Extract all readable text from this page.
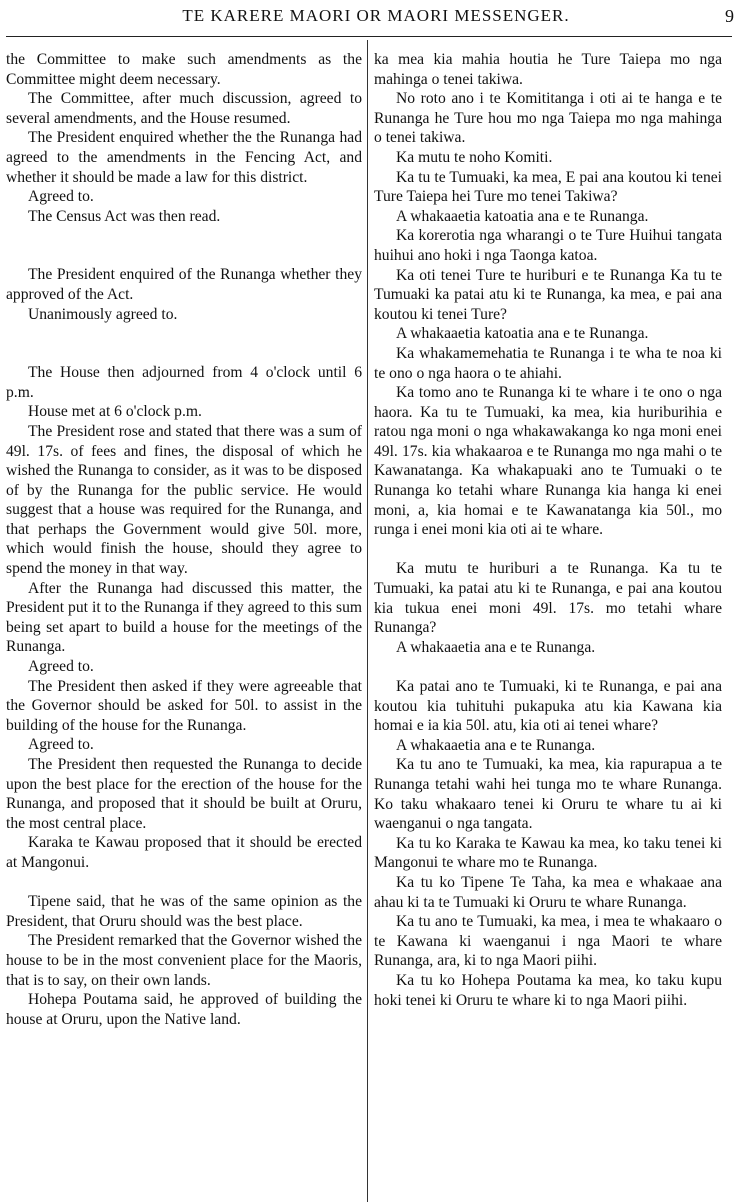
TE KARERE MAORI OR MAORI MESSENGER.	9

the Committee to make such amendments as the Committee might deem necessary.

The Committee, after much discussion, agreed to several amendments, and the House resumed.

The President enquired whether the the Runanga had agreed to the amendments in the Fencing Act, and whether it should be made a law for this district.

Agreed to.

The Census Act was then read.

The President enquired of the Runanga whether they approved of the Act.

Unanimously agreed to.

The House then adjourned from 4 o'clock until 6 p.m.

House met at 6 o'clock p.m.

The President rose and stated that there was a sum of 49l. 17s. of fees and fines, the disposal of which he wished the Runanga to consider, as it was to be disposed of by the Runanga for the public service. He would suggest that a house was required for the Runanga, and that perhaps the Government would give 50l. more, which would finish the house, should they agree to spend the money in that way.

After the Runanga had discussed this matter, the President put it to the Runanga if they agreed to this sum being set apart to build a house for the meetings of the Runanga.

Agreed to.

The President then asked if they were agreeable that the Governor should be asked for 50l. to assist in the building of the house for the Runanga.

Agreed to.

The President then requested the Runanga to decide upon the best place for the erection of the house for the Runanga, and proposed that it should be built at Oruru, the most central place.

Karaka te Kawau proposed that it should be erected at Mangonui.

Tipene said, that he was of the same opinion as the President, that Oruru should was the best place.

The President remarked that the Governor wished the house to be in the most convenient place for the Maoris, that is to say, on their own lands.

Hohepa Poutama said, he approved of building the house at Oruru, upon the Native land.

ka mea kia mahia houtia he Ture Taiepa mo nga mahinga o tenei takiwa.

No roto ano i te Komititanga i oti ai te hanga e te Runanga he Ture hou mo nga Taiepa mo nga mahinga o tenei takiwa.

Ka mutu te noho Komiti.

Ka tu te Tumuaki, ka mea, E pai ana koutou ki tenei Ture Taiepa hei Ture mo tenei Takiwa?

A whakaaetia katoatia ana e te Runanga.

Ka korerotia nga wharangi o te Ture Huihui tangata huihui ano hoki i nga Taonga katoa.

Ka oti tenei Ture te huriburi e te Runanga Ka tu te Tumuaki ka patai atu ki te Runanga, ka mea, e pai ana koutou ki tenei Ture?

A whakaaetia katoatia ana e te Runanga.

Ka whakamemehatia te Runanga i te wha te noa ki te ono o nga haora o te ahiahi.

Ka tomo ano te Runanga ki te whare i te ono o nga haora. Ka tu te Tumuaki, ka mea, kia huriburihia e ratou nga moni o nga whakawakanga ko nga moni enei 49l. 17s. kia whakaaroa e te Runanga mo nga mahi o te Kawanatanga. Ka whakapuaki ano te Tumuaki o te Runanga ko tetahi whare Runanga kia hanga ki enei moni, a, kia homai e te Kawanatanga kia 50l., mo runga i enei moni kia oti ai te whare.

Ka mutu te huriburi a te Runanga. Ka tu te Tumuaki, ka patai atu ki te Runanga, e pai ana koutou kia tukua enei moni 49l. 17s. mo tetahi whare Runanga?

A whakaaetia ana e te Runanga.

Ka patai ano te Tumuaki, ki te Runanga, e pai ana koutou kia tuhituhi pukapuka atu kia Kawana kia homai e ia kia 50l. atu, kia oti ai tenei whare?

A whakaaetia ana e te Runanga.

Ka tu ano te Tumuaki, ka mea, kia rapurapua a te Runanga tetahi wahi hei tunga mo te whare Runanga. Ko taku whakaaro tenei ki Oruru te whare tu ai ki waenganui o nga tangata.

Ka tu ko Karaka te Kawau ka mea, ko taku tenei ki Mangonui te whare mo te Runanga.

Ka tu ko Tipene Te Taha, ka mea e whakaae ana ahau ki ta te Tumuaki ki Oruru te whare Runanga.

Ka tu ano te Tumuaki, ka mea, i mea te whakaaro o te Kawana ki waenganui i nga Maori te whare Runanga, ara, ki to nga Maori piihi.

Ka tu ko Hohepa Poutama ka mea, ko taku kupu hoki tenei ki Oruru te whare ki to nga Maori piihi.
